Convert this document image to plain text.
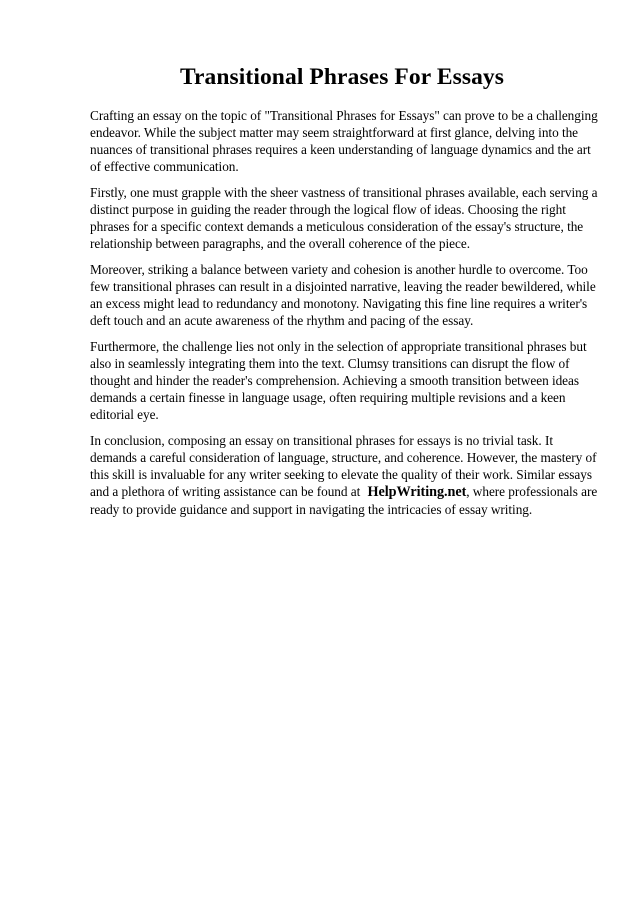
Transitional Phrases For Essays

Crafting an essay on the topic of "Transitional Phrases for Essays" can prove to be a challenging endeavor. While the subject matter may seem straightforward at first glance, delving into the nuances of transitional phrases requires a keen understanding of language dynamics and the art of effective communication.

Firstly, one must grapple with the sheer vastness of transitional phrases available, each serving a distinct purpose in guiding the reader through the logical flow of ideas. Choosing the right phrases for a specific context demands a meticulous consideration of the essay's structure, the relationship between paragraphs, and the overall coherence of the piece.

Moreover, striking a balance between variety and cohesion is another hurdle to overcome. Too few transitional phrases can result in a disjointed narrative, leaving the reader bewildered, while an excess might lead to redundancy and monotony. Navigating this fine line requires a writer's deft touch and an acute awareness of the rhythm and pacing of the essay.

Furthermore, the challenge lies not only in the selection of appropriate transitional phrases but also in seamlessly integrating them into the text. Clumsy transitions can disrupt the flow of thought and hinder the reader's comprehension. Achieving a smooth transition between ideas demands a certain finesse in language usage, often requiring multiple revisions and a keen editorial eye.

In conclusion, composing an essay on transitional phrases for essays is no trivial task. It demands a careful consideration of language, structure, and coherence. However, the mastery of this skill is invaluable for any writer seeking to elevate the quality of their work. Similar essays and a plethora of writing assistance can be found at HelpWriting.net, where professionals are ready to provide guidance and support in navigating the intricacies of essay writing.
